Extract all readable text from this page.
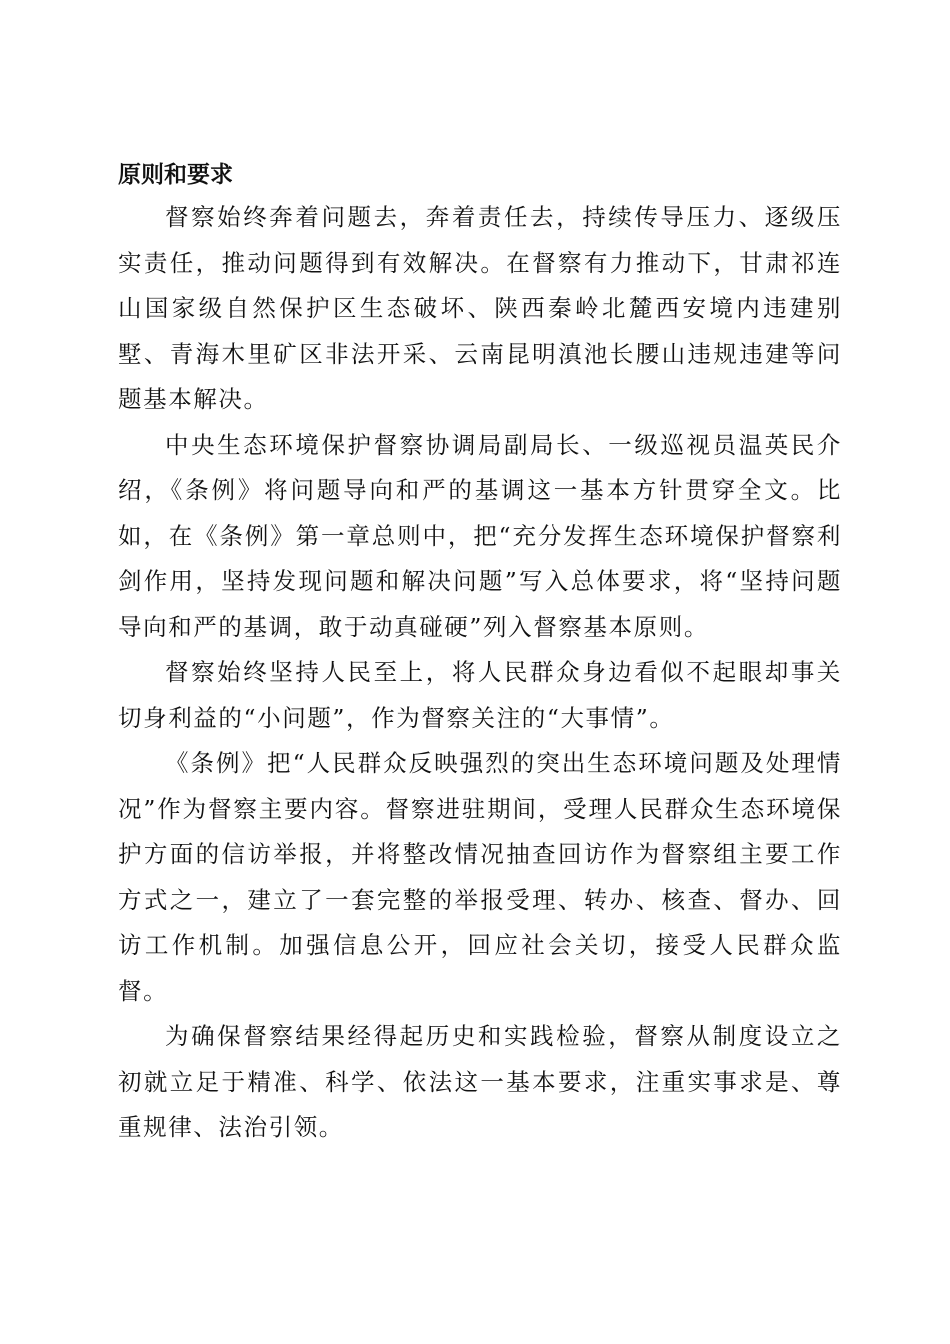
原则和要求

督察始终奔着问题去，奔着责任去，持续传导压力、逐级压实责任，推动问题得到有效解决。在督察有力推动下，甘肃祁连山国家级自然保护区生态破坏、陕西秦岭北麓西安境内违建别墅、青海木里矿区非法开采、云南昆明滇池长腰山违规违建等问题基本解决。

中央生态环境保护督察协调局副局长、一级巡视员温英民介绍，《条例》将问题导向和严的基调这一基本方针贯穿全文。比如，在《条例》第一章总则中，把“充分发挥生态环境保护督察利剑作用，坚持发现问题和解决问题”写入总体要求，将“坚持问题导向和严的基调，敢于动真碰硬”列入督察基本原则。

督察始终坚持人民至上，将人民群众身边看似不起眼却事关切身利益的“小问题”，作为督察关注的“大事情”。

《条例》把“人民群众反映强烈的突出生态环境问题及处理情况”作为督察主要内容。督察进驻期间，受理人民群众生态环境保护方面的信访举报，并将整改情况抽查回访作为督察组主要工作方式之一，建立了一套完整的举报受理、转办、核查、督办、回访工作机制。加强信息公开，回应社会关切，接受人民群众监督。

为确保督察结果经得起历史和实践检验，督察从制度设立之初就立足于精准、科学、依法这一基本要求，注重实事求是、尊重规律、法治引领。
